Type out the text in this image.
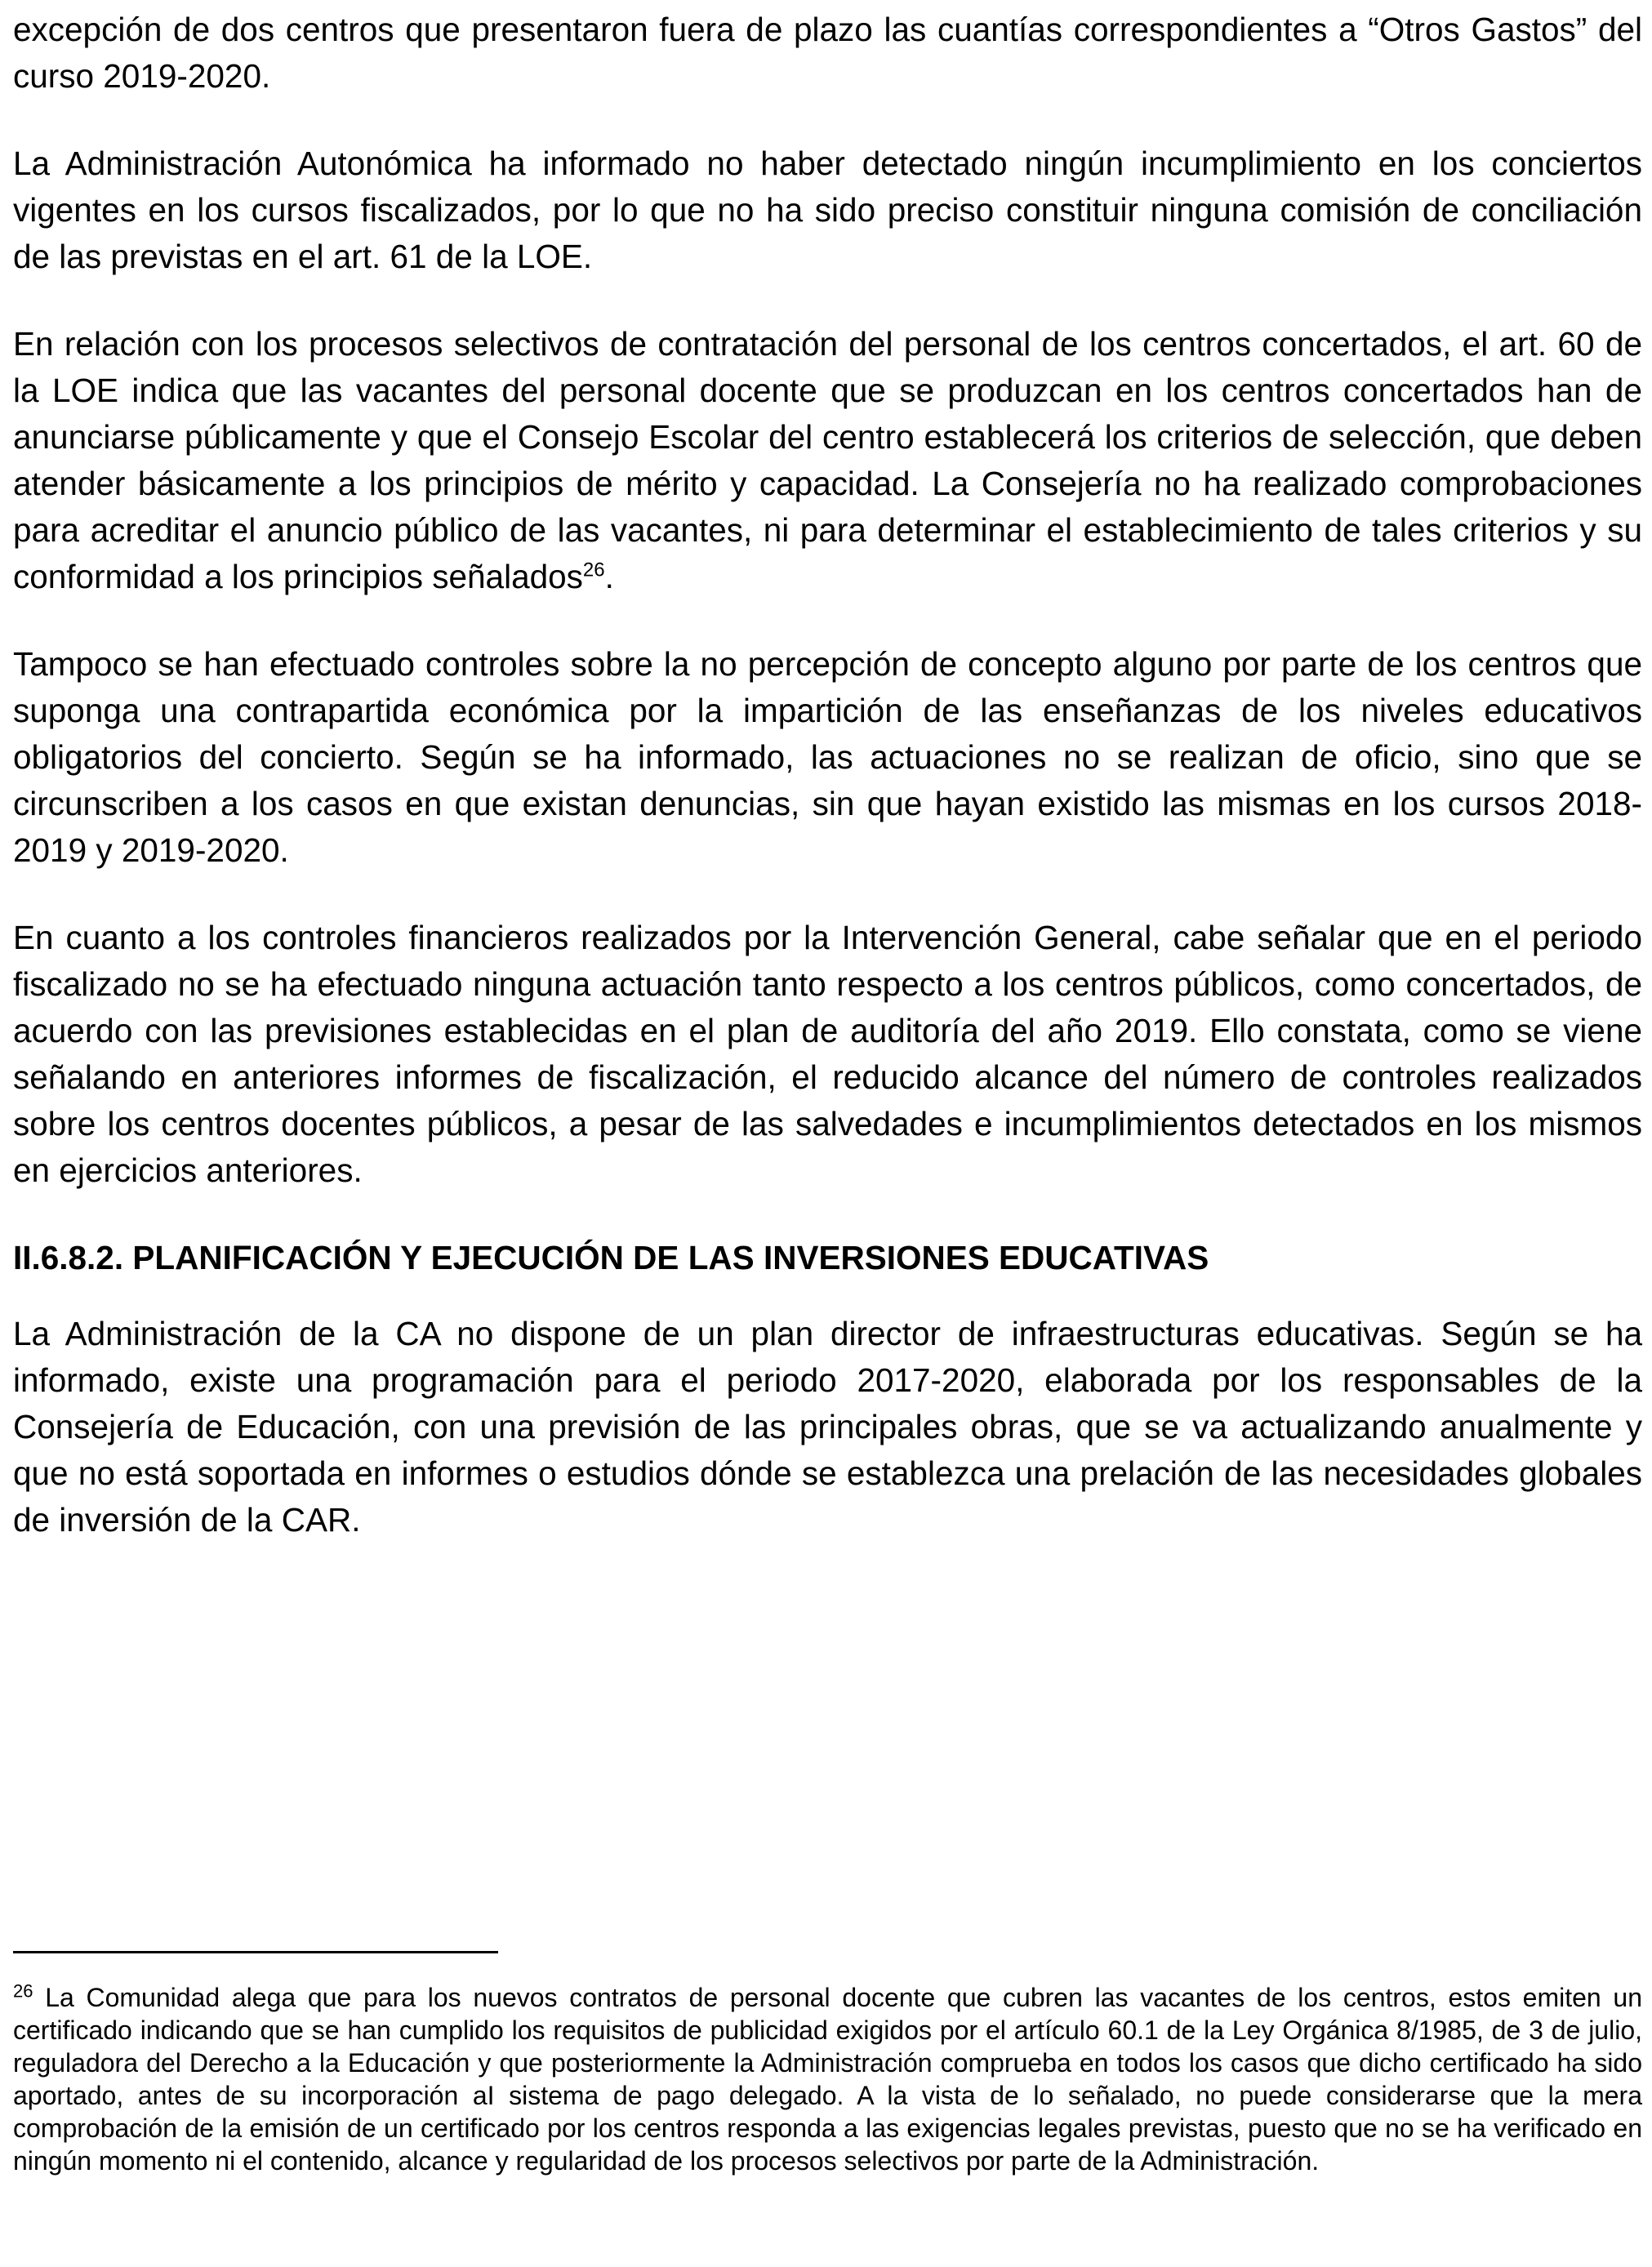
excepción de dos centros que presentaron fuera de plazo las cuantías correspondientes a “Otros Gastos” del curso 2019-2020.

La Administración Autonómica ha informado no haber detectado ningún incumplimiento en los conciertos vigentes en los cursos fiscalizados, por lo que no ha sido preciso constituir ninguna comisión de conciliación de las previstas en el art. 61 de la LOE.

En relación con los procesos selectivos de contratación del personal de los centros concertados, el art. 60 de la LOE indica que las vacantes del personal docente que se produzcan en los centros concertados han de anunciarse públicamente y que el Consejo Escolar del centro establecerá los criterios de selección, que deben atender básicamente a los principios de mérito y capacidad. La Consejería no ha realizado comprobaciones para acreditar el anuncio público de las vacantes, ni para determinar el establecimiento de tales criterios y su conformidad a los principios señalados$^{26}$.

Tampoco se han efectuado controles sobre la no percepción de concepto alguno por parte de los centros que suponga una contrapartida económica por la impartición de las enseñanzas de los niveles educativos obligatorios del concierto. Según se ha informado, las actuaciones no se realizan de oficio, sino que se circunscriben a los casos en que existan denuncias, sin que hayan existido las mismas en los cursos 2018-2019 y 2019-2020.

En cuanto a los controles financieros realizados por la Intervención General, cabe señalar que en el periodo fiscalizado no se ha efectuado ninguna actuación tanto respecto a los centros públicos, como concertados, de acuerdo con las previsiones establecidas en el plan de auditoría del año 2019. Ello constata, como se viene señalando en anteriores informes de fiscalización, el reducido alcance del número de controles realizados sobre los centros docentes públicos, a pesar de las salvedades e incumplimientos detectados en los mismos en ejercicios anteriores.

II.6.8.2. PLANIFICACIÓN Y EJECUCIÓN DE LAS INVERSIONES EDUCATIVAS

La Administración de la CA no dispone de un plan director de infraestructuras educativas. Según se ha informado, existe una programación para el periodo 2017-2020, elaborada por los responsables de la Consejería de Educación, con una previsión de las principales obras, que se va actualizando anualmente y que no está soportada en informes o estudios dónde se establezca una prelación de las necesidades globales de inversión de la CAR.

$^{26}$ La Comunidad alega que para los nuevos contratos de personal docente que cubren las vacantes de los centros, estos emiten un certificado indicando que se han cumplido los requisitos de publicidad exigidos por el artículo 60.1 de la Ley Orgánica 8/1985, de 3 de julio, reguladora del Derecho a la Educación y que posteriormente la Administración comprueba en todos los casos que dicho certificado ha sido aportado, antes de su incorporación aI sistema de pago delegado. A la vista de lo señalado, no puede considerarse que la mera comprobación de la emisión de un certificado por los centros responda a las exigencias legales previstas, puesto que no se ha verificado en ningún momento ni el contenido, alcance y regularidad de los procesos selectivos por parte de la Administración.
